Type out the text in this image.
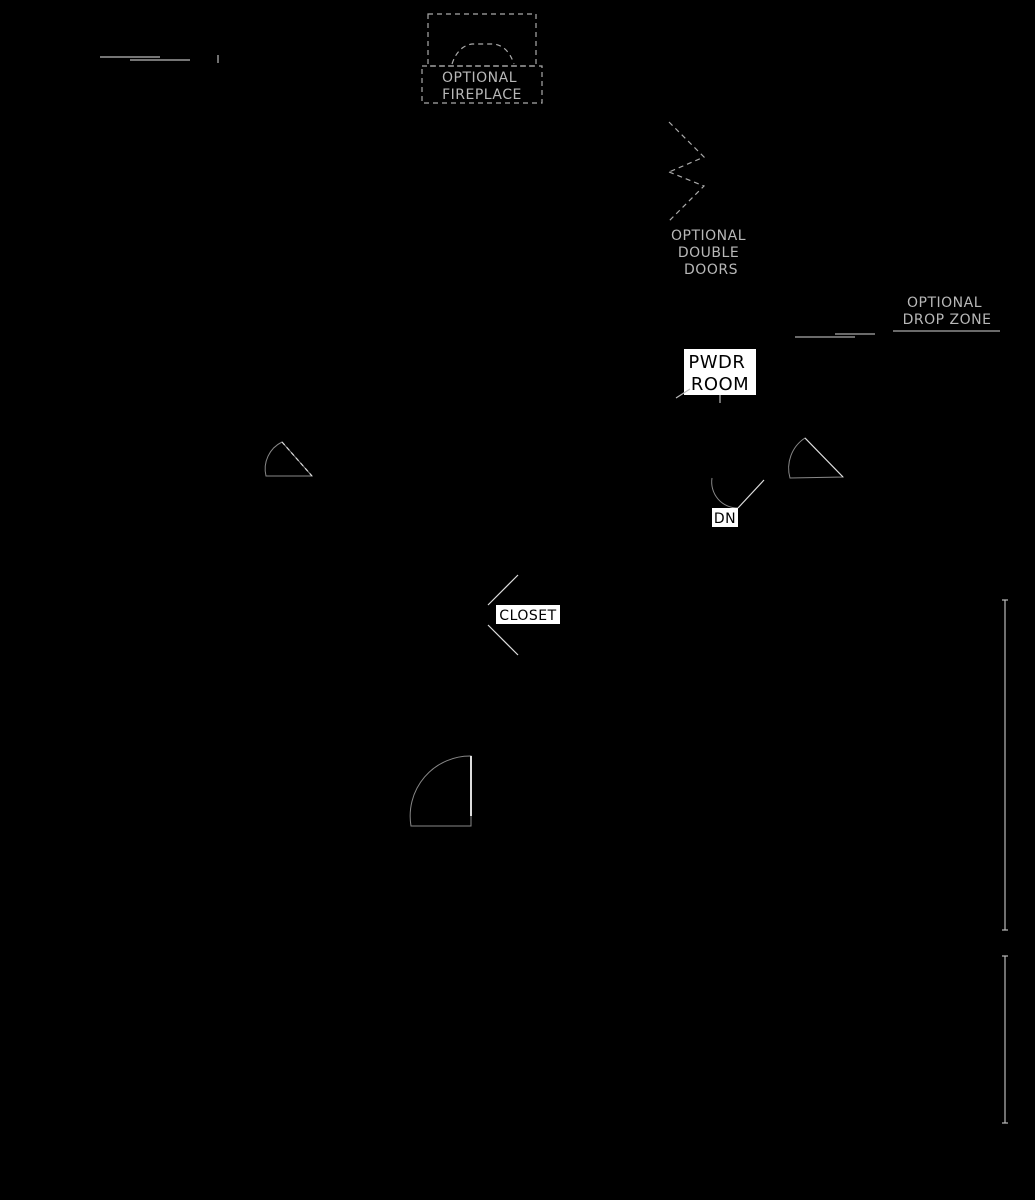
OPTIONAL FIREPLACE
OPTIONAL DOUBLE DOORS
OPTIONAL DROP ZONE
PWDR ROOM
DN
CLOSET
